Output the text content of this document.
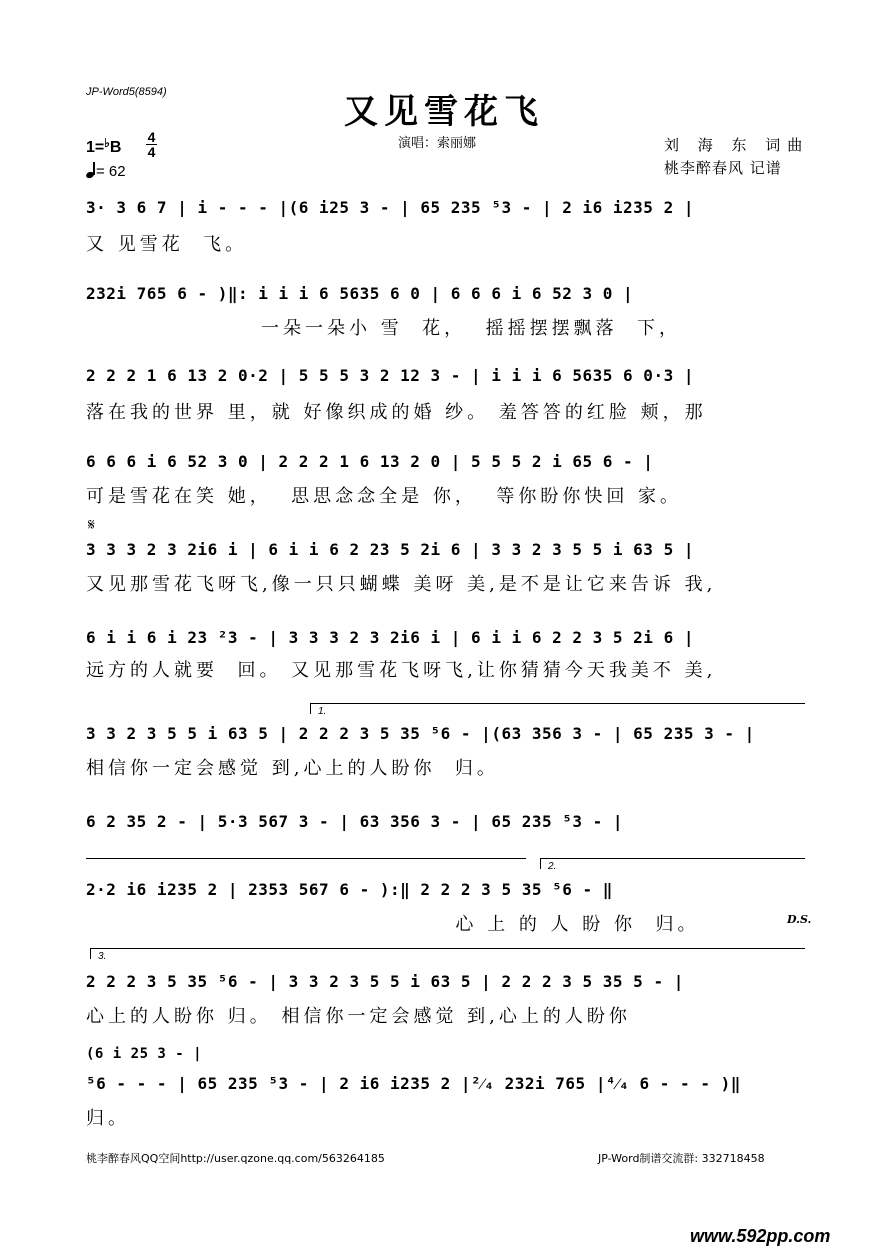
JP-Word5(8594)	又见雪花飞
演唱：索丽娜	刘 海 东 词曲
桃李醉春风 记谱
1=♭B
4
4
= 62
3· 3 6 7 | i - - - |(6 i25 3 - | 65 235 ⁵3 - | 2 i6 i235 2 |
又 见雪花  飞。
232i 765 6 - )‖: i i i 6 5635 6 0 | 6 6 6 i 6 52 3 0 |
一朵一朵小 雪  花，  摇摇摆摆飘落  下，
2 2 2 1 6 13 2 0·2 | 5 5 5 3 2 12 3 - | i i i 6 5635 6 0·3 |
落在我的世界 里，就 好像织成的婚 纱。 羞答答的红脸 颊，那
6 6 6 i 6 52 3 0 | 2 2 2 1 6 13 2 0 | 5 5 5 2 i 65 6 - |
可是雪花在笑 她，  思思念念全是 你，  等你盼你快回 家。
𝄋
3 3 3 2 3 2i6 i | 6 i i 6 2 23 5 2i 6 | 3 3 2 3 5 5 i 63 5 |
又见那雪花飞呀飞,像一只只蝴蝶 美呀 美,是不是让它来告诉 我,
6 i i 6 i 23 ²3 - | 3 3 3 2 3 2i6 i | 6 i i 6 2 2 3 5 2i 6 |
远方的人就要  回。 又见那雪花飞呀飞,让你猜猜今天我美不 美,
1.
3 3 2 3 5 5 i 63 5 | 2 2 2 3 5 35 ⁵6 - |(63 356 3 - | 65 235 3 - |
相信你一定会感觉 到,心上的人盼你  归。
6 2 35 2 - | 5·3 567 3 - | 63 356 3 - | 65 235 ⁵3 - |
2.
2·2 i6 i235 2 | 2353 567 6 - ):‖ 2 2 2 3 5 35 ⁵6 - ‖
心 上 的 人 盼 你  归。	D.S.
3.
2 2 2 3 5 35 ⁵6 - | 3 3 2 3 5 5 i 63 5 | 2 2 2 3 5 35 5 - |
心上的人盼你 归。 相信你一定会感觉 到,心上的人盼你
(6 i 25 3 - |
⁵6 - - - | 65 235 ⁵3 - | 2 i6 i235 2 |²⁄₄ 232i 765 |⁴⁄₄ 6 - - - )‖
归。
桃李醉春风QQ空间http://user.qzone.qq.com/563264185	JP-Word制谱交流群: 332718458
www.592pp.com
